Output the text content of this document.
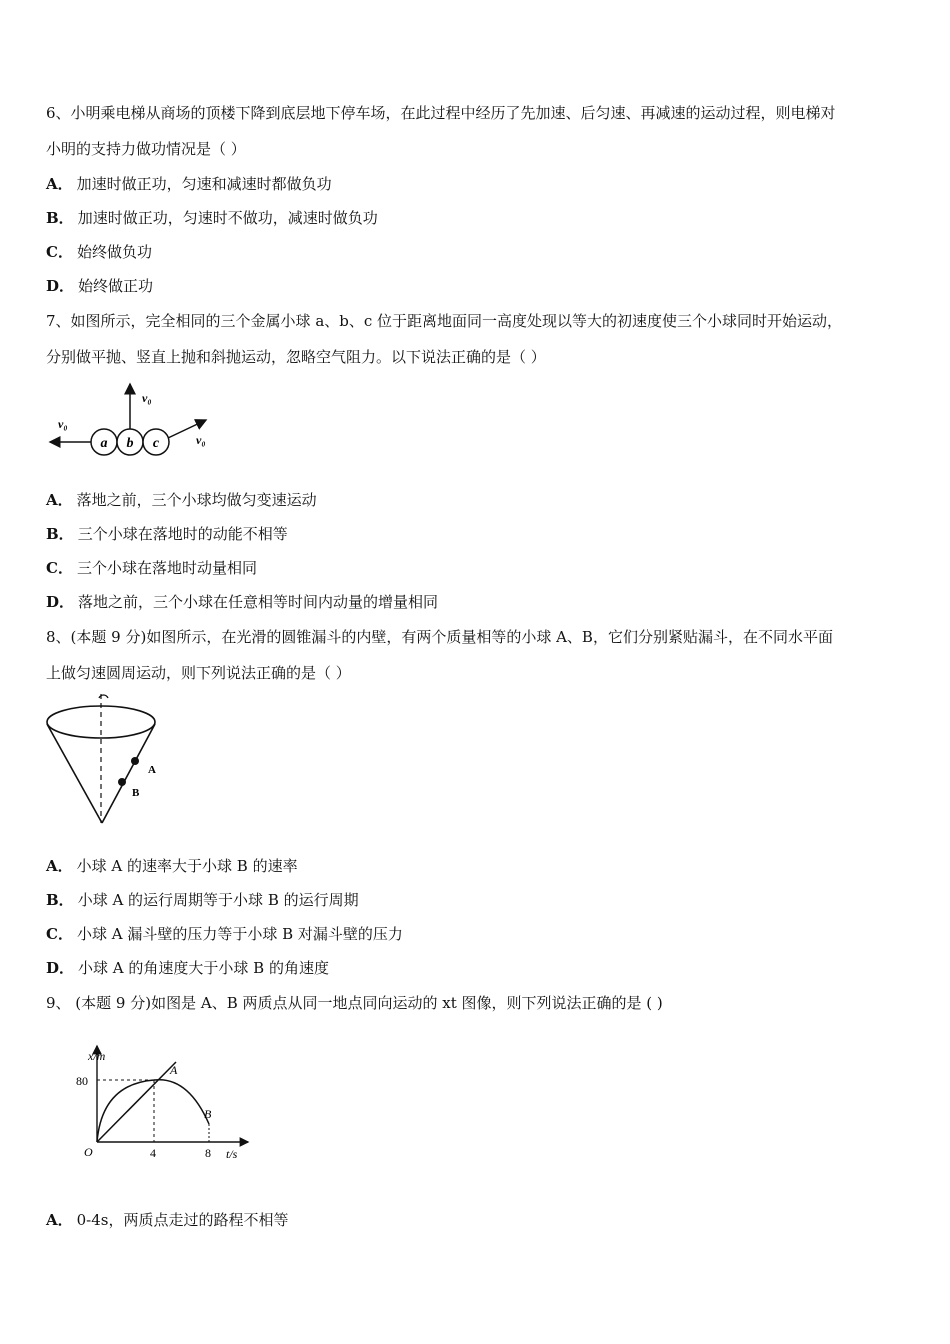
6、小明乘电梯从商场的顶楼下降到底层地下停车场，在此过程中经历了先加速、后匀速、再减速的运动过程，则电梯对
小明的支持力做功情况是（ ）
A． 加速时做正功，匀速和减速时都做负功
B． 加速时做正功，匀速时不做功，减速时做负功
C． 始终做负功
D． 始终做正功
7、如图所示，完全相同的三个金属小球 a、b、c 位于距离地面同一高度处现以等大的初速度使三个小球同时开始运动，
分别做平抛、竖直上抛和斜抛运动，忽略空气阻力。以下说法正确的是（ ）
a b c
v₀
v₀
v₀
A． 落地之前，三个小球均做匀变速运动
B． 三个小球在落地时的动能不相等
C． 三个小球在落地时动量相同
D． 落地之前，三个小球在任意相等时间内动量的增量相同
8、(本题 9 分)如图所示，在光滑的圆锥漏斗的内壁，有两个质量相等的小球 A、B，它们分别紧贴漏斗，在不同水平面
上做匀速圆周运动，则下列说法正确的是（ ）
A
B
A． 小球 A 的速率大于小球 B 的速率
B． 小球 A 的运行周期等于小球 B 的运行周期
C． 小球 A 漏斗壁的压力等于小球 B 对漏斗壁的压力
D． 小球 A 的角速度大于小球 B 的角速度
9、 (本题 9 分)如图是 A、B 两质点从同一地点同向运动的 xt 图像，则下列说法正确的是 ( )
x/m
t/s
O
80
4	8
A
B
A． 0-4s，两质点走过的路程不相等
